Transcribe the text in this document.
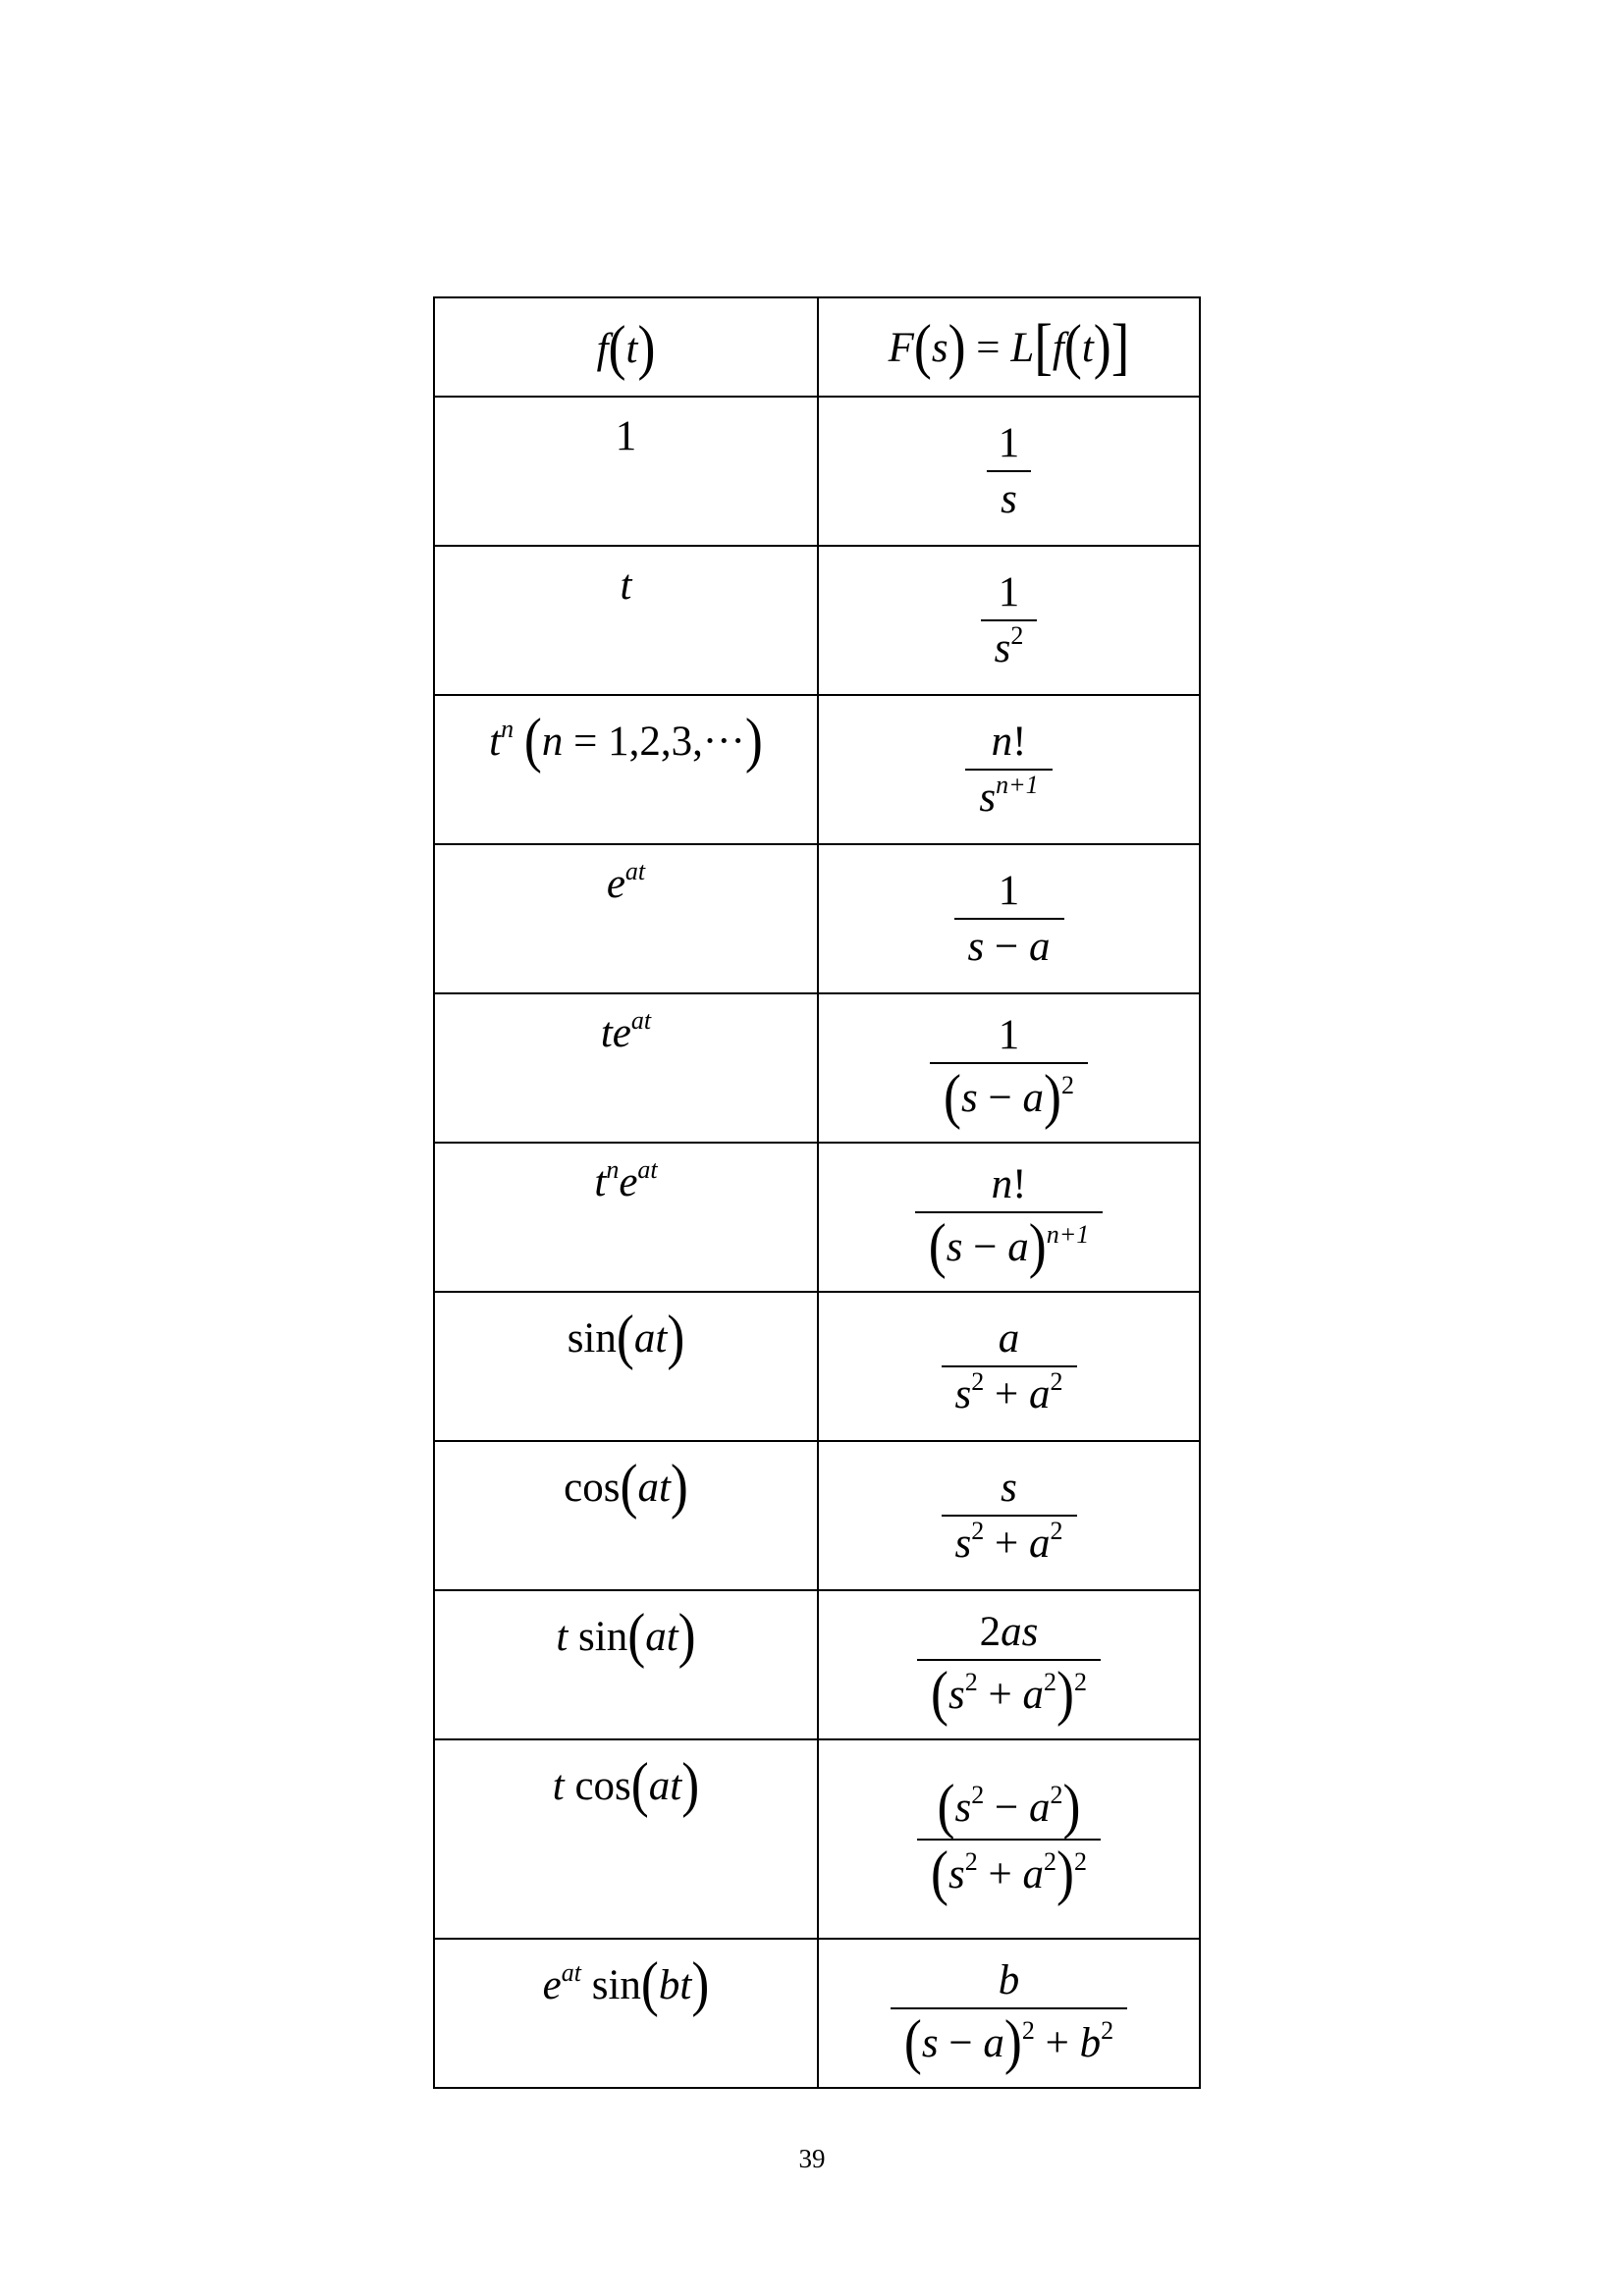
f(t)	F(s) = L[f(t)]
1	$\frac{1}{s}$

t	$\frac{1}{s^2}$

$t^n$ (n = 1,2,3,···)	$\frac{n!}{s^{n+1}}$

$e^{at}$	$\frac{1}{s - a}$

$te^{at}$	$\frac{1}{(s - a)^2}$

$t^ne^{at}$	$\frac{n!}{(s - a)^{n+1}}$

sin(at)	$\frac{a}{s^2 + a^2}$

cos(at)	$\frac{s}{s^2 + a^2}$

t sin(at)	$\frac{2as}{(s^2 + a^2)^2}$

t cos(at)	$\frac{(s^2 - a^2)}{(s^2 + a^2)^2}$

$e^{at}$ sin(bt)	$\frac{b}{(s - a)^2 + b^2}$
39
